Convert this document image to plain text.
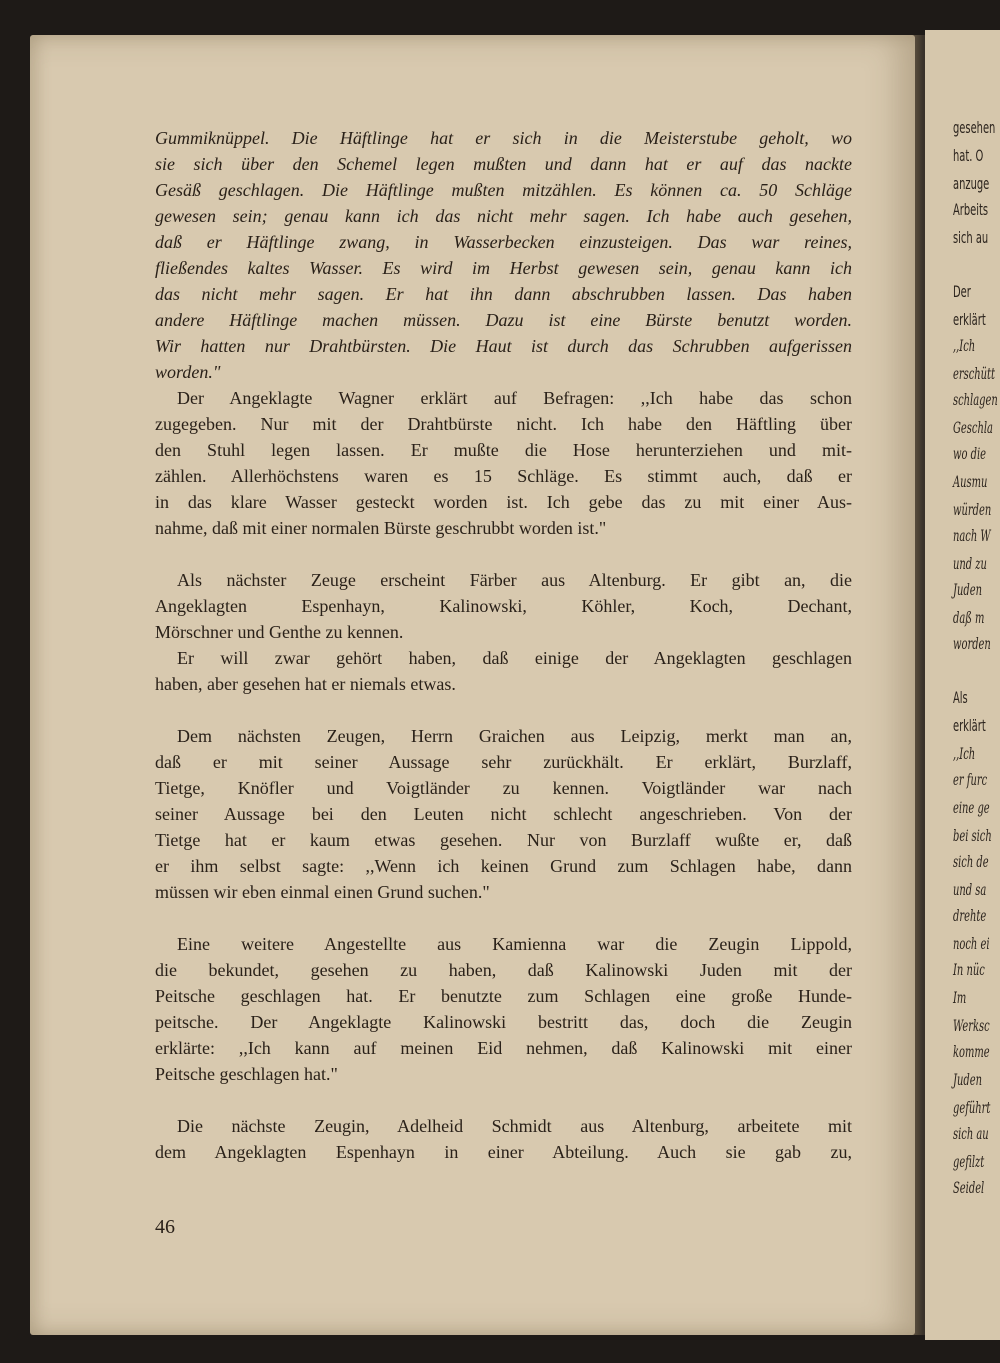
gesehen

hat. O

anzuge

Arbeits

sich au

Der

erklärt

,,Ich

erschütt

schlagen

Geschla

wo die

Ausmu

würden

nach W

und zu

Juden

daß m

worden

Als

erklärt

,,Ich

er furc

eine ge

bei sich

sich de

und sa

drehte

noch ei

In nüc

Im

Werksc

komme

Juden

geführt

sich au

gefilzt

Seidel

Gummiknüppel. Die Häftlinge hat er sich in die Meisterstube geholt, wo

sie sich über den Schemel legen mußten und dann hat er auf das nackte

Gesäß geschlagen. Die Häftlinge mußten mitzählen. Es können ca. 50 Schläge

gewesen sein; genau kann ich das nicht mehr sagen. Ich habe auch gesehen,

daß er Häftlinge zwang, in Wasserbecken einzusteigen. Das war reines,

fließendes kaltes Wasser. Es wird im Herbst gewesen sein, genau kann ich

das nicht mehr sagen. Er hat ihn dann abschrubben lassen. Das haben

andere Häftlinge machen müssen. Dazu ist eine Bürste benutzt worden.

Wir hatten nur Drahtbürsten. Die Haut ist durch das Schrubben aufgerissen

worden."

Der Angeklagte Wagner erklärt auf Befragen: ,,Ich habe das schon

zugegeben. Nur mit der Drahtbürste nicht. Ich habe den Häftling über

den Stuhl legen lassen. Er mußte die Hose herunterziehen und mit-

zählen. Allerhöchstens waren es 15 Schläge. Es stimmt auch, daß er

in das klare Wasser gesteckt worden ist. Ich gebe das zu mit einer Aus-

nahme, daß mit einer normalen Bürste geschrubbt worden ist."

Als nächster Zeuge erscheint Färber aus Altenburg. Er gibt an, die

Angeklagten Espenhayn, Kalinowski, Köhler, Koch, Dechant,

Mörschner und Genthe zu kennen.

Er will zwar gehört haben, daß einige der Angeklagten geschlagen

haben, aber gesehen hat er niemals etwas.

Dem nächsten Zeugen, Herrn Graichen aus Leipzig, merkt man an,

daß er mit seiner Aussage sehr zurückhält. Er erklärt, Burzlaff,

Tietge, Knöfler und Voigtländer zu kennen. Voigtländer war nach

seiner Aussage bei den Leuten nicht schlecht angeschrieben. Von der

Tietge hat er kaum etwas gesehen. Nur von Burzlaff wußte er, daß

er ihm selbst sagte: ,,Wenn ich keinen Grund zum Schlagen habe, dann

müssen wir eben einmal einen Grund suchen."

Eine weitere Angestellte aus Kamienna war die Zeugin Lippold,

die bekundet, gesehen zu haben, daß Kalinowski Juden mit der

Peitsche geschlagen hat. Er benutzte zum Schlagen eine große Hunde-

peitsche. Der Angeklagte Kalinowski bestritt das, doch die Zeugin

erklärte: ,,Ich kann auf meinen Eid nehmen, daß Kalinowski mit einer

Peitsche geschlagen hat."

Die nächste Zeugin, Adelheid Schmidt aus Altenburg, arbeitete mit

dem Angeklagten Espenhayn in einer Abteilung. Auch sie gab zu,

46
